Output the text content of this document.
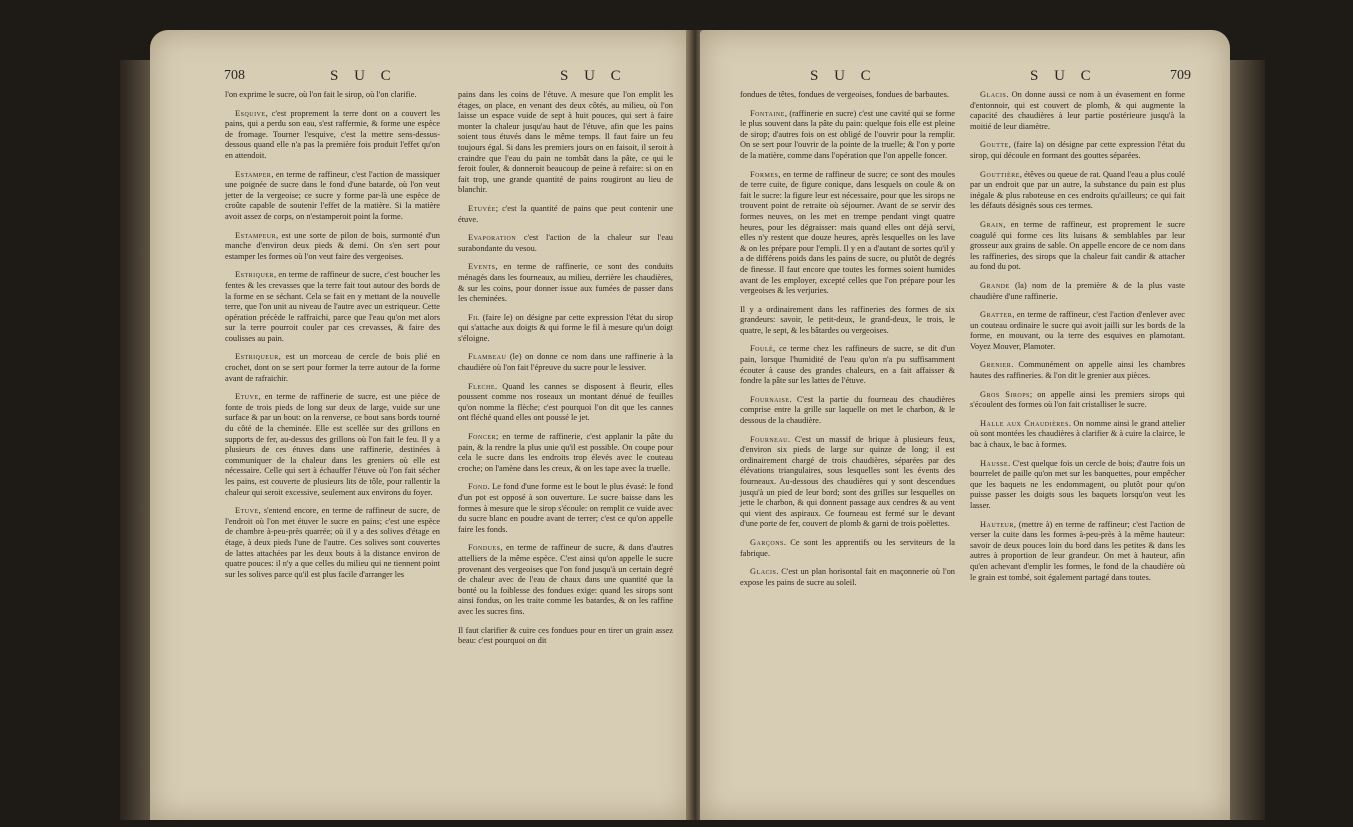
708	S U C	S U C

l'on exprime le sucre, où l'on fait le sirop, où l'on clarifie.

Esquive, c'est proprement la terre dont on a couvert les pains, qui a perdu son eau, s'est raffermie, & forme une espèce de fromage. Tourner l'esquive, c'est la mettre sens-dessus-dessous quand elle n'a pas la première fois produit l'effet qu'on en attendoit.

Estamper, en terme de raffineur, c'est l'action de massiquer une poignée de sucre dans le fond d'une batarde, où l'on veut jetter de la vergeoise; ce sucre y forme par-là une espèce de croûte capable de soutenir l'effet de la matière. Si la matière avoit assez de corps, on n'estamperoit point la forme.

Estampeur, est une sorte de pilon de bois, surmonté d'un manche d'environ deux pieds & demi. On s'en sert pour estamper les formes où l'on veut faire des vergeoises.

Estriquer, en terme de raffineur de sucre, c'est boucher les fentes & les crevasses que la terre fait tout autour des bords de la forme en se séchant. Cela se fait en y mettant de la nouvelle terre, que l'on unit au niveau de l'autre avec un estriqueur. Cette opération précède le raffraichi, parce que l'eau qu'on met alors sur la terre pourroit couler par ces crevasses, & faire des coulisses au pain.

Estriqueur, est un morceau de cercle de bois plié en crochet, dont on se sert pour former la terre autour de la forme avant de rafraichir.

Etuve, en terme de raffinerie de sucre, est une pièce de fonte de trois pieds de long sur deux de large, vuide sur une surface & par un bout: on la renverse, ce bout sans bords tourné du côté de la cheminée. Elle est scellée sur des grillons en supports de fer, au-dessus des grillons où l'on fait le feu. Il y a plusieurs de ces étuves dans une raffinerie, destinées à communiquer de la chaleur dans les greniers où elle est nécessaire. Celle qui sert à échauffer l'étuve où l'on fait sécher les pains, est couverte de plusieurs lits de tôle, pour rallentir la chaleur qui seroit excessive, seulement aux environs du foyer.

Etuve, s'entend encore, en terme de raffineur de sucre, de l'endroit où l'on met étuver le sucre en pains; c'est une espèce de chambre à-peu-près quarrée; où il y a des solives d'étage en étage, à deux pieds l'une de l'autre. Ces solives sont couvertes de lattes attachées par les deux bouts à la distance environ de quatre pouces: il n'y a que celles du milieu qui ne tiennent point sur les solives parce qu'il est plus facile d'arranger les

pains dans les coins de l'étuve. A mesure que l'on emplit les étages, on place, en venant des deux côtés, au milieu, où l'on laisse un espace vuide de sept à huit pouces, qui sert à faire monter la chaleur jusqu'au haut de l'étuve, afin que les pains soient tous étuvés dans le même temps. Il faut faire un feu toujours égal. Si dans les premiers jours on en faisoit, il seroit à craindre que l'eau du pain ne tombât dans la pâte, ce qui le feroit fouler, & donneroit beaucoup de peine à refaire: si on en fait trop, une grande quantité de pains rougiront au lieu de blanchir.

Etuvée; c'est la quantité de pains que peut contenir une étuve.

Evaporation c'est l'action de la chaleur sur l'eau surabondante du vesou.

Events, en terme de raffinerie, ce sont des conduits ménagés dans les fourneaux, au milieu, derrière les chaudières, & sur les coins, pour donner issue aux fumées de passer dans les cheminées.

Fil (faire le) on désigne par cette expression l'état du sirop qui s'attache aux doigts & qui forme le fil à mesure qu'un doigt s'éloigne.

Flambeau (le) on donne ce nom dans une raffinerie à la chaudière où l'on fait l'épreuve du sucre pour le lessiver.

Fleche. Quand les cannes se disposent à fleurir, elles poussent comme nos roseaux un montant dénué de feuilles qu'on nomme la flèche; c'est pourquoi l'on dit que les cannes ont fléché quand elles ont poussé le jet.

Foncer; en terme de raffinerie, c'est applanir la pâte du pain, & la rendre la plus unie qu'il est possible. On coupe pour cela le sucre dans les endroits trop élevés avec le couteau croche; on l'amène dans les creux, & on les tape avec la truelle.

Fond. Le fond d'une forme est le bout le plus évasé: le fond d'un pot est opposé à son ouverture. Le sucre baisse dans les formes à mesure que le sirop s'écoule: on remplit ce vuide avec du sucre blanc en poudre avant de terrer; c'est ce qu'on appelle faire les fonds.

Fondues, en terme de raffineur de sucre, & dans d'autres attelliers de la même espèce. C'est ainsi qu'on appelle le sucre provenant des vergeoises que l'on fond jusqu'à un certain degré de chaleur avec de l'eau de chaux dans une quantité que la bonté ou la foiblesse des fondues exige: quand les sirops sont ainsi fondus, on les traite comme les batardes, & on les raffine avec les sucres fins.

Il faut clarifier & cuire ces fondues pour en tirer un grain assez beau: c'est pourquoi on dit

S U C	S U C	709

fondues de têtes, fondues de vergeoises, fondues de barbautes.

Fontaine, (raffinerie en sucre) c'est une cavité qui se forme le plus souvent dans la pâte du pain: quelque fois elle est pleine de sirop; d'autres fois on est obligé de l'ouvrir pour la remplir. On se sert pour l'ouvrir de la pointe de la truelle; & l'on y porte de la matière, comme dans l'opération que l'on appelle foncer.

Formes, en terme de raffineur de sucre; ce sont des moules de terre cuite, de figure conique, dans lesquels on coule & on fait le sucre: la figure leur est nécessaire, pour que les sirops ne trouvent point de retraite où séjourner. Avant de se servir des formes neuves, on les met en trempe pendant vingt quatre heures, pour les dégraisser: mais quand elles ont déjà servi, elles n'y restent que douze heures, après lesquelles on les lave & on les prépare pour l'empli. Il y en a d'autant de sortes qu'il y a de différens poids dans les pains de sucre, ou plutôt de degrés de finesse. Il faut encore que toutes les formes soient humides avant de les employer, excepté celles que l'on prépare pour les vergeoises & les verjuries.

Il y a ordinairement dans les raffineries des formes de six grandeurs: savoir, le petit-deux, le grand-deux, le trois, le quatre, le sept, & les bâtardes ou vergeoises.

Foulé, ce terme chez les raffineurs de sucre, se dit d'un pain, lorsque l'humidité de l'eau qu'on n'a pu suffisamment écouter à cause des grandes chaleurs, en a fait affaisser & fondre la pâte sur les lattes de l'étuve.

Fournaise. C'est la partie du fourneau des chaudières comprise entre la grille sur laquelle on met le charbon, & le dessous de la chaudière.

Fourneau. C'est un massif de brique à plusieurs feux, d'environ six pieds de large sur quinze de long; il est ordinairement chargé de trois chaudières, séparées par des élévations triangulaires, sous lesquelles sont les évents des fourneaux. Au-dessous des chaudières qui y sont descendues jusqu'à un pied de leur bord; sont des grilles sur lesquelles on jette le charbon, & qui donnent passage aux cendres & au vent qui vient des aspiraux. Ce fourneau est fermé sur le devant d'une porte de fer, couvert de plomb & garni de trois poëlettes.

Garçons. Ce sont les apprentifs ou les serviteurs de la fabrique.

Glacis. C'est un plan horisontal fait en maçonnerie où l'on expose les pains de sucre au soleil.

Glacis. On donne aussi ce nom à un évasement en forme d'entonnoir, qui est couvert de plomb, & qui augmente la capacité des chaudières à leur partie postérieure jusqu'à la moitié de leur diamètre.

Goutte, (faire la) on désigne par cette expression l'état du sirop, qui découle en formant des gouttes séparées.

Gouttière, étêves ou queue de rat. Quand l'eau a plus coulé par un endroit que par un autre, la substance du pain est plus inégale & plus raboteuse en ces endroits qu'ailleurs; ce qui fait les défauts désignés sous ces termes.

Grain, en terme de raffineur, est proprement le sucre coagulé qui forme ces lits luisans & semblables par leur grosseur aux grains de sable. On appelle encore de ce nom dans les raffineries, des sirops que la chaleur fait candir & attacher au fond du pot.

Grande (la) nom de la première & de la plus vaste chaudière d'une raffinerie.

Gratter, en terme de raffineur, c'est l'action d'enlever avec un couteau ordinaire le sucre qui avoit jailli sur les bords de la forme, en mouvant, ou la terre des esquives en plamotant. Voyez Mouver, Plamoter.

Grenier. Communément on appelle ainsi les chambres hautes des raffineries. & l'on dit le grenier aux pièces.

Gros Sirops; on appelle ainsi les premiers sirops qui s'écoulent des formes où l'on fait cristalliser le sucre.

Halle aux Chaudières. On nomme ainsi le grand attelier où sont montées les chaudières à clarifier & à cuire la clairce, le bac à chaux, le bac à formes.

Hausse. C'est quelque fois un cercle de bois; d'autre fois un bourrelet de paille qu'on met sur les banquettes, pour empêcher que les baquets ne les endommagent, ou plutôt pour qu'on puisse passer les doigts sous les baquets lorsqu'on veut les lasser.

Hauteur, (mettre à) en terme de raffineur; c'est l'action de verser la cuite dans les formes à-peu-près à la même hauteur: savoir de deux pouces loin du bord dans les petites & dans les autres à proportion de leur grandeur. On met à hauteur, afin qu'en achevant d'emplir les formes, le fond de la chaudière où le grain est tombé, soit également partagé dans toutes.
